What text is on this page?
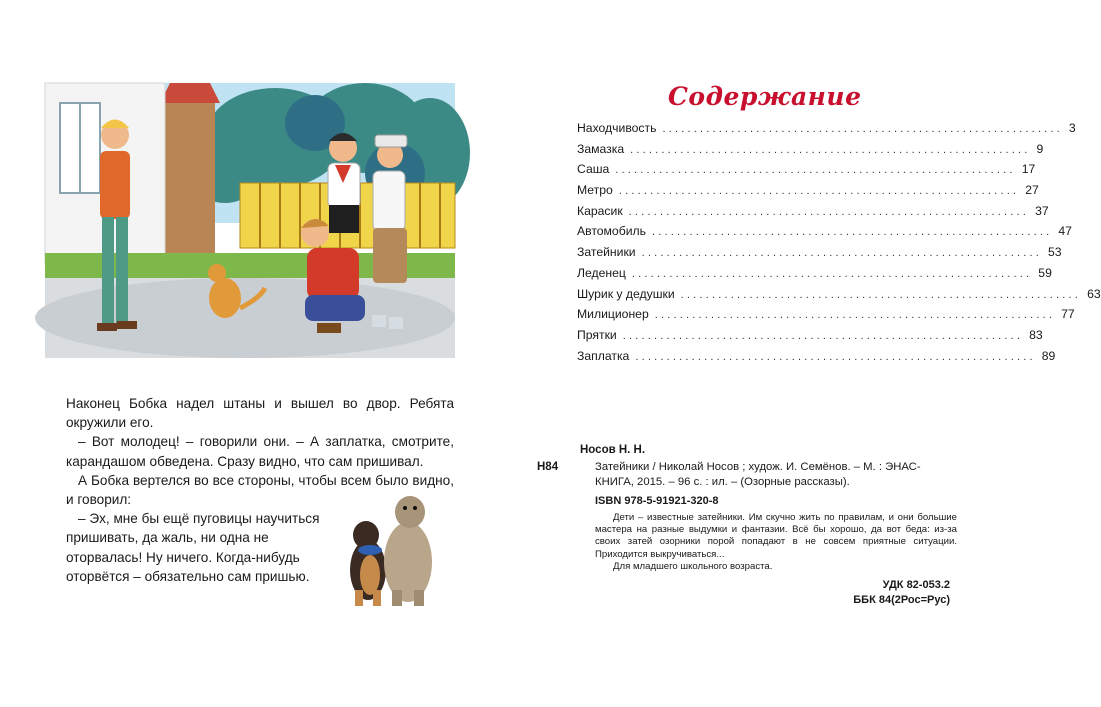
Наконец Бобка надел штаны и вышел во двор. Ребята окружили его.

– Вот молодец! – говорили они. – А заплатка, смотрите, карандашом обведена. Сразу видно, что сам пришивал.

А Бобка вертелся во все стороны, чтобы всем было видно, и говорил:

– Эх, мне бы ещё пуговицы научиться пришивать, да жаль, ни одна не оторвалась! Ну ничего. Когда-нибудь оторвётся – обязательно сам пришью.

Содержание
Находчивость ................................................................ 3
Замазка ................................................................ 9
Саша ................................................................ 17
Метро ................................................................ 27
Карасик ................................................................ 37
Автомобиль ................................................................ 47
Затейники ................................................................ 53
Леденец ................................................................ 59
Шурик у дедушки ................................................................ 63
Милиционер ................................................................ 77
Прятки ................................................................ 83
Заплатка ................................................................ 89
Носов Н. Н.
Н84	Затейники / Николай Носов ; худож. И. Семёнов. – М. : ЭНАС-КНИГА, 2015. – 96 с. : ил. – (Озорные рассказы).
ISBN 978-5-91921-320-8

Дети – известные затейники. Им скучно жить по правилам, и они большие мастера на разные выдумки и фантазии. Всё бы хорошо, да вот беда: из-за своих затей озорники порой попадают в не совсем приятные ситуации. Приходится выкручиваться...

Для младшего школьного возраста.

УДК 82-053.2
ББК 84(2Рос=Рус)
